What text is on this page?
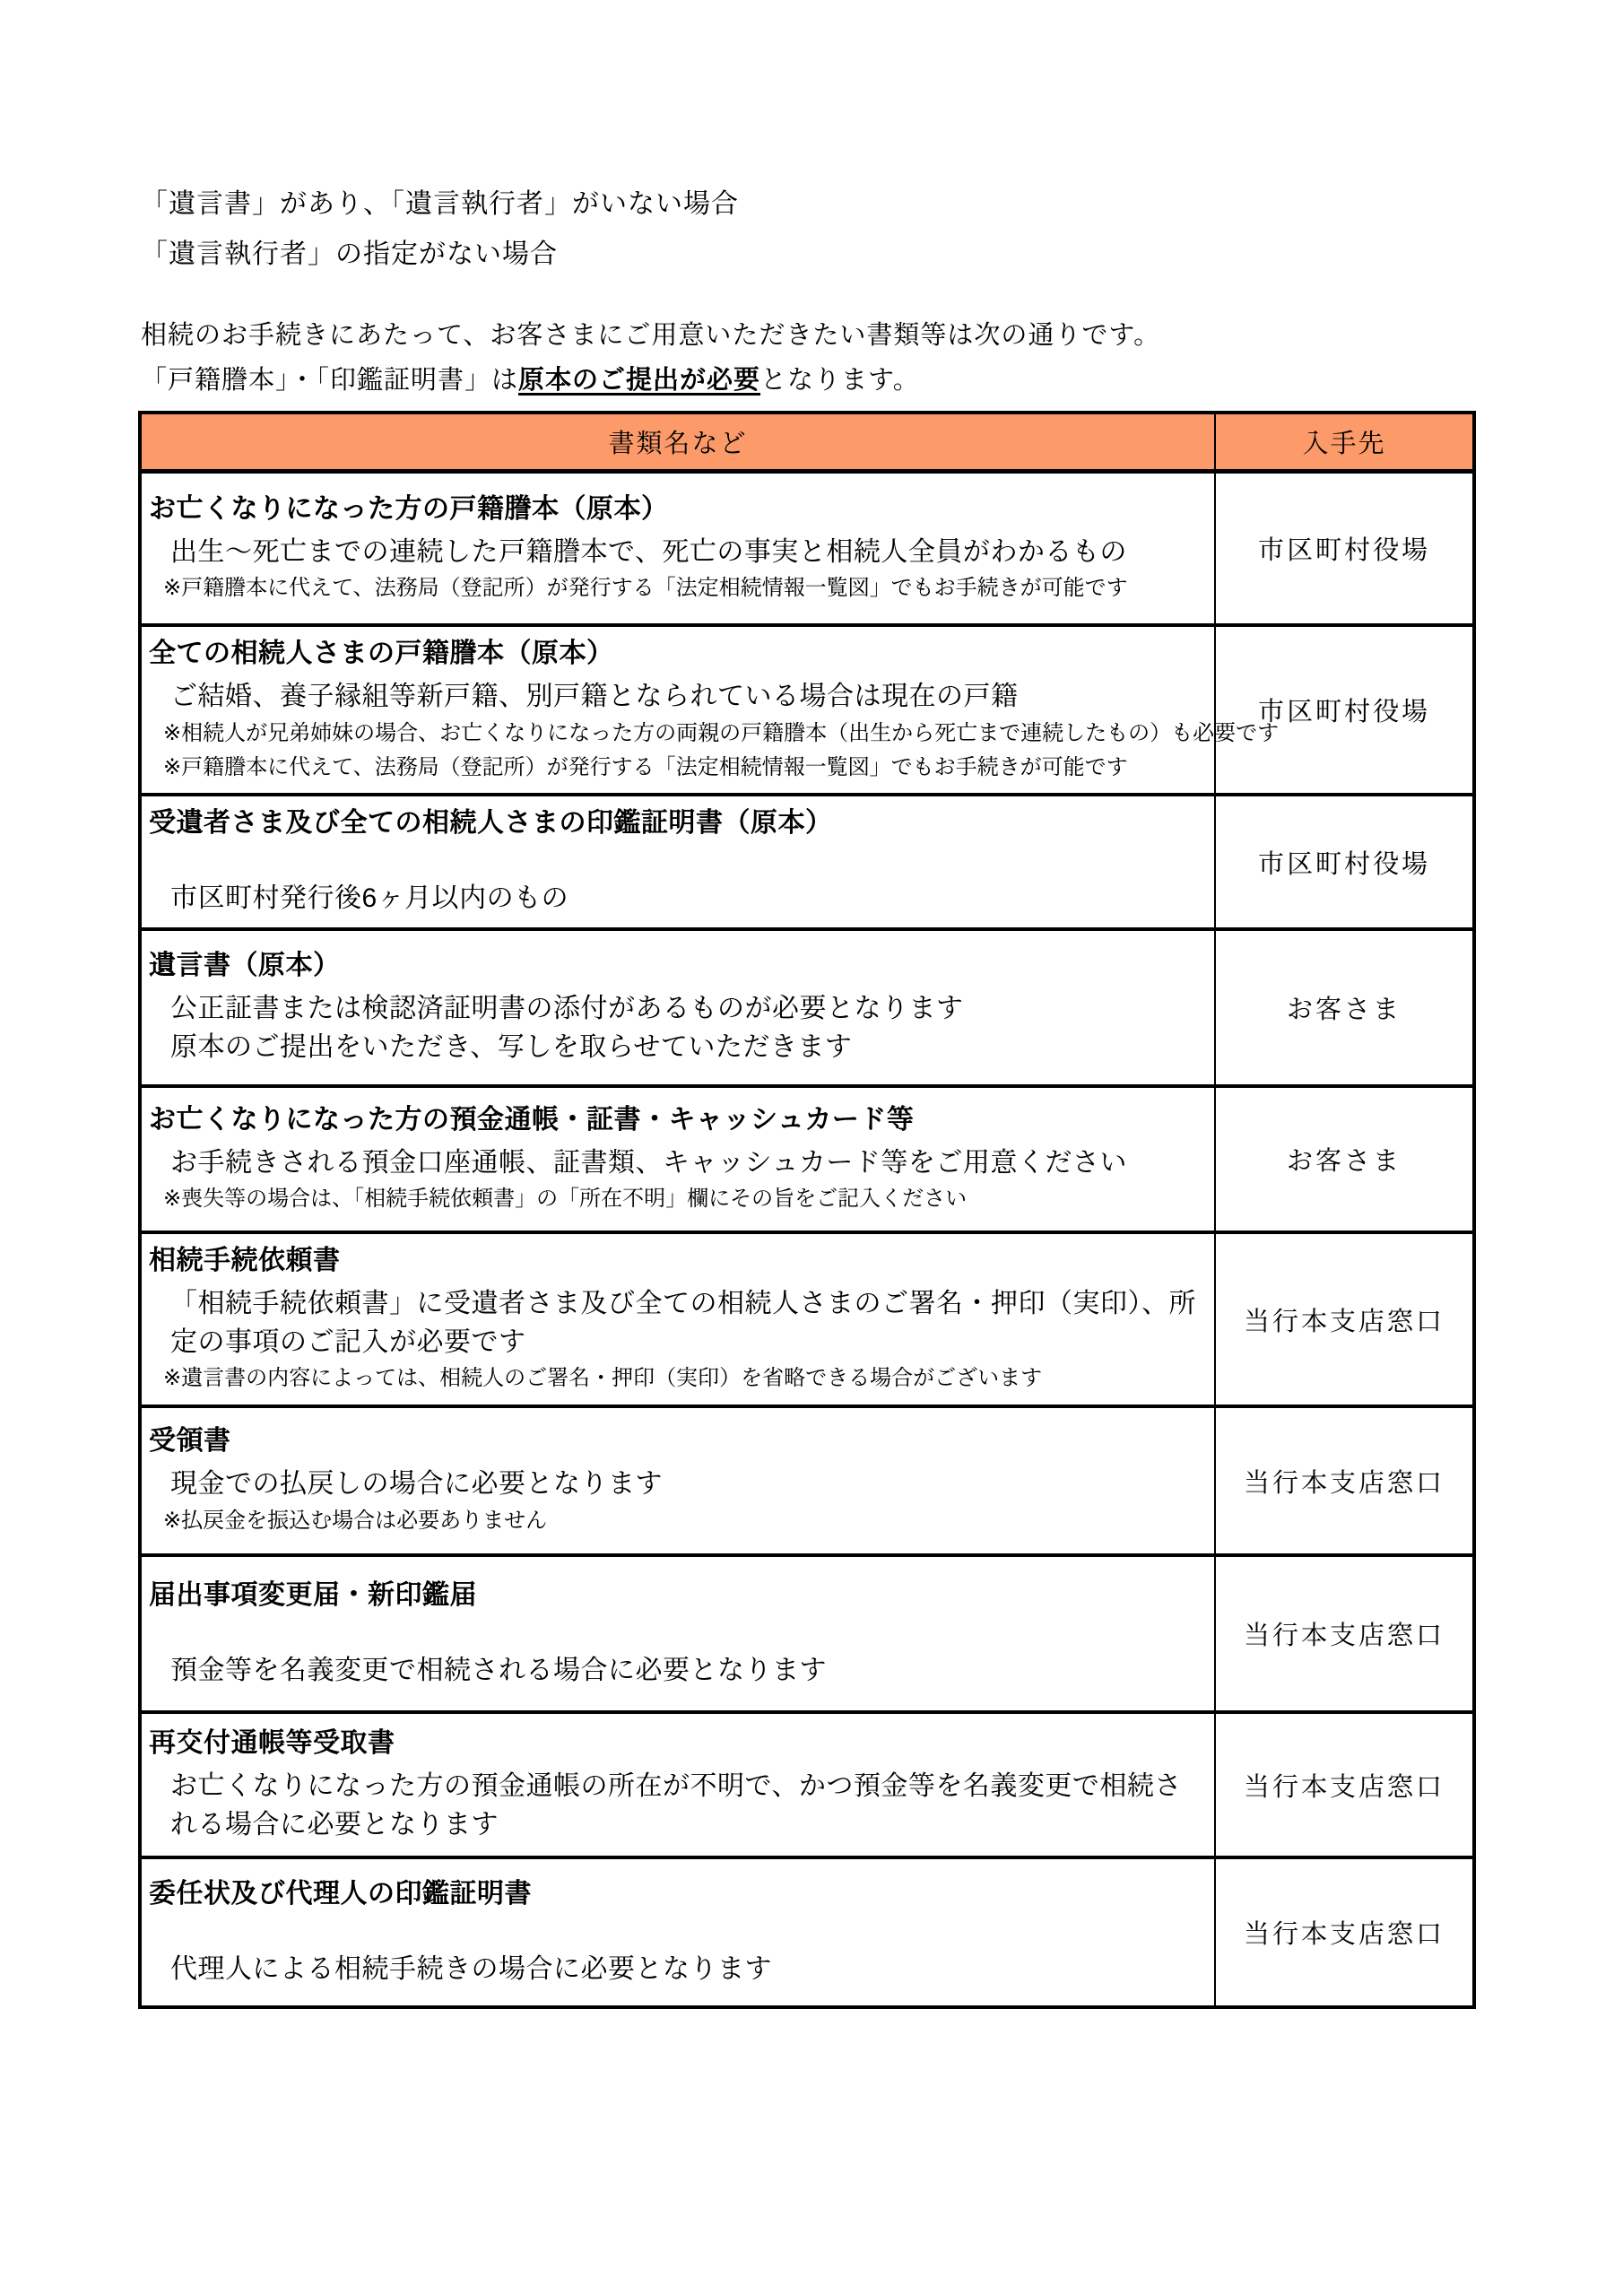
「遺言書」があり、「遺言執行者」がいない場合
「遺言執行者」の指定がない場合
相続のお手続きにあたって、お客さまにご用意いただきたい書類等は次の通りです。
「戸籍謄本」・「印鑑証明書」は原本のご提出が必要となります。
書類名など	入手先

お亡くなりになった方の戸籍謄本（原本）
出生～死亡までの連続した戸籍謄本で、死亡の事実と相続人全員がわかるもの
※戸籍謄本に代えて、法務局（登記所）が発行する「法定相続情報一覧図」でもお手続きが可能です	市区町村役場

全ての相続人さまの戸籍謄本（原本）
ご結婚、養子縁組等新戸籍、別戸籍となられている場合は現在の戸籍
※相続人が兄弟姉妹の場合、お亡くなりになった方の両親の戸籍謄本（出生から死亡まで連続したもの）も必要です
※戸籍謄本に代えて、法務局（登記所）が発行する「法定相続情報一覧図」でもお手続きが可能です	市区町村役場

受遺者さま及び全ての相続人さまの印鑑証明書（原本）
市区町村発行後6ヶ月以内のもの	市区町村役場

遺言書（原本）
公正証書または検認済証明書の添付があるものが必要となります
原本のご提出をいただき、写しを取らせていただきます	お客さま

お亡くなりになった方の預金通帳・証書・キャッシュカード等
お手続きされる預金口座通帳、証書類、キャッシュカード等をご用意ください
※喪失等の場合は、「相続手続依頼書」の「所在不明」欄にその旨をご記入ください	お客さま

相続手続依頼書
「相続手続依頼書」に受遺者さま及び全ての相続人さまのご署名・押印（実印）、所定の事項のご記入が必要です
※遺言書の内容によっては、相続人のご署名・押印（実印）を省略できる場合がございます	当行本支店窓口

受領書
現金での払戻しの場合に必要となります
※払戻金を振込む場合は必要ありません	当行本支店窓口

届出事項変更届・新印鑑届
預金等を名義変更で相続される場合に必要となります	当行本支店窓口

再交付通帳等受取書
お亡くなりになった方の預金通帳の所在が不明で、かつ預金等を名義変更で相続される場合に必要となります	当行本支店窓口

委任状及び代理人の印鑑証明書
代理人による相続手続きの場合に必要となります	当行本支店窓口
